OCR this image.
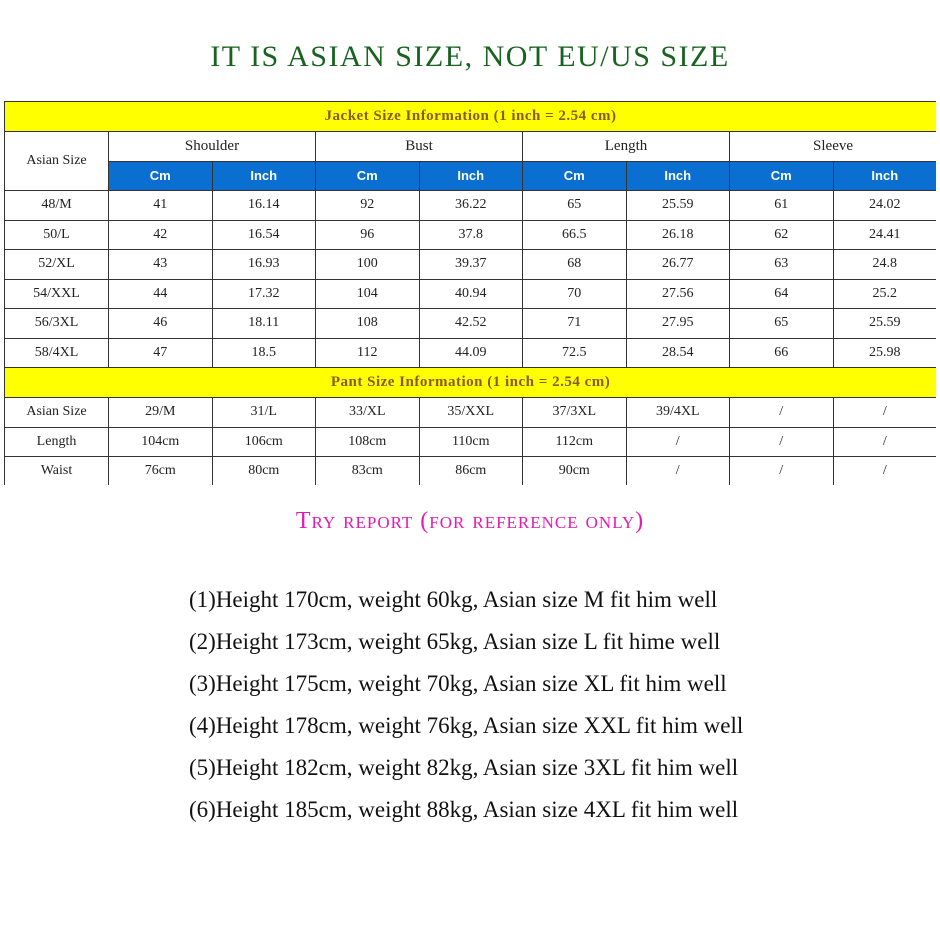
IT IS ASIAN SIZE, NOT EU/US SIZE
Jacket Size Information (1 inch = 2.54 cm)								
Asian Size	Shoulder		Bust		Length		Sleeve	
	Cm	Inch	Cm	Inch	Cm	Inch	Cm	Inch
48/M	41	16.14	92	36.22	65	25.59	61	24.02
50/L	42	16.54	96	37.8	66.5	26.18	62	24.41
52/XL	43	16.93	100	39.37	68	26.77	63	24.8
54/XXL	44	17.32	104	40.94	70	27.56	64	25.2
56/3XL	46	18.11	108	42.52	71	27.95	65	25.59
58/4XL	47	18.5	112	44.09	72.5	28.54	66	25.98
Pant Size Information (1 inch = 2.54 cm)								
Asian Size	29/M	31/L	33/XL	35/XXL	37/3XL	39/4XL	/	/
Length	104cm	106cm	108cm	110cm	112cm	/	/	/
Waist	76cm	80cm	83cm	86cm	90cm	/	/	/
Try report (for reference only)
(1)Height 170cm, weight 60kg, Asian size M fit him well
(2)Height 173cm, weight 65kg, Asian size L fit hime well
(3)Height 175cm, weight 70kg, Asian size XL fit him well
(4)Height 178cm, weight 76kg, Asian size XXL fit him well
(5)Height 182cm, weight 82kg, Asian size 3XL fit him well
(6)Height 185cm, weight 88kg, Asian size 4XL fit him well
